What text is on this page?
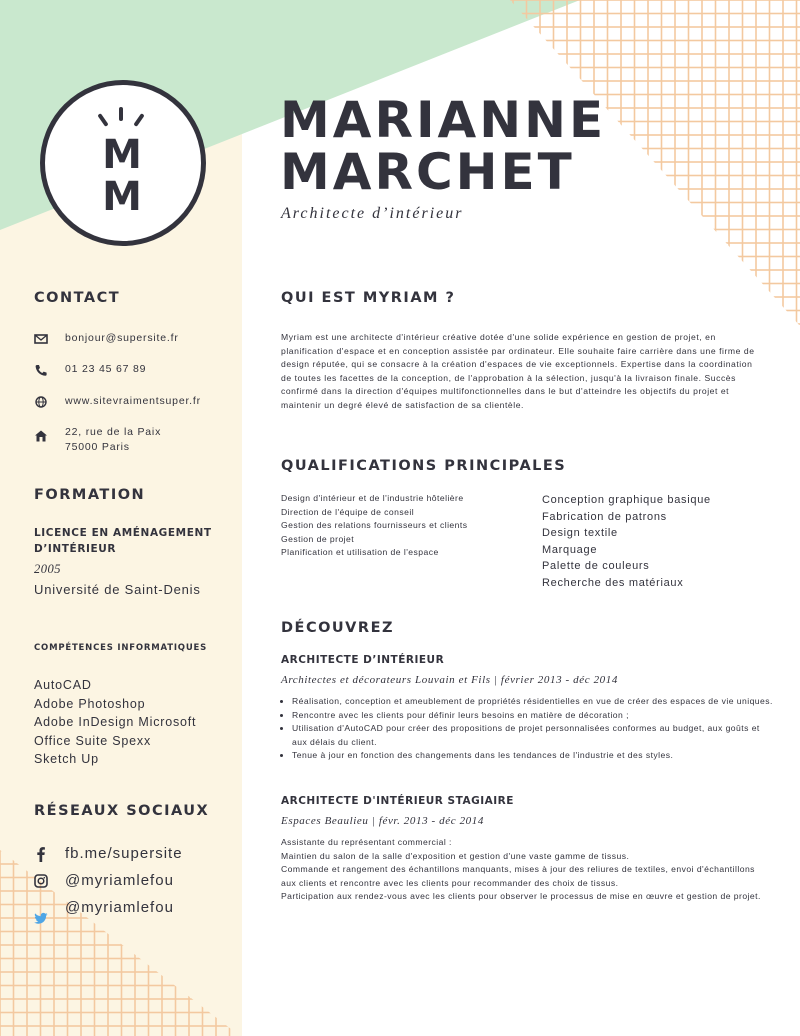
M
M
MARIANNE
MARCHET
Architecte d’intérieur
CONTACT
bonjour@supersite.fr
01 23 45 67 89
www.sitevraimentsuper.fr
22, rue de la Paix
75000 Paris
FORMATION
LICENCE EN AMÉNAGEMENT
D’INTÉRIEUR
2005
Université de Saint-Denis
COMPÉTENCES INFORMATIQUES
AutoCAD
Adobe Photoshop
Adobe InDesign Microsoft
Office Suite Spexx
Sketch Up
RÉSEAUX SOCIAUX
fb.me/supersite
@myriamlefou
@myriamlefou
QUI EST MYRIAM ?

Myriam est une architecte d'intérieur créative dotée d'une solide expérience en gestion de projet, en planification d'espace et en conception assistée par ordinateur. Elle souhaite faire carrière dans une firme de design réputée, qui se consacre à la création d'espaces de vie exceptionnels. Expertise dans la coordination de toutes les facettes de la conception, de l'approbation à la sélection, jusqu'à la livraison finale. Succès confirmé dans la direction d'équipes multifonctionnelles dans le but d'atteindre les objectifs du projet et maintenir un degré élevé de satisfaction de sa clientèle.

QUALIFICATIONS PRINCIPALES
Design d'intérieur et de l'industrie hôtelière
Direction de l'équipe de conseil
Gestion des relations fournisseurs et clients
Gestion de projet
Planification et utilisation de l'espace
Conception graphique basique
Fabrication de patrons
Design textile
Marquage
Palette de couleurs
Recherche des matériaux
DÉCOUVREZ
ARCHITECTE D’INTÉRIEUR
Architectes et décorateurs Louvain et Fils | février 2013 - déc 2014
• Réalisation, conception et ameublement de propriétés résidentielles en vue de créer des espaces de vie uniques.
• Rencontre avec les clients pour définir leurs besoins en matière de décoration ;
• Utilisation d'AutoCAD pour créer des propositions de projet personnalisées conformes au budget, aux goûts et aux délais du client.
• Tenue à jour en fonction des changements dans les tendances de l'industrie et des styles.
ARCHITECTE D'INTÉRIEUR STAGIAIRE
Espaces Beaulieu | févr. 2013 - déc 2014
Assistante du représentant commercial :
Maintien du salon de la salle d'exposition et gestion d'une vaste gamme de tissus.
Commande et rangement des échantillons manquants, mises à jour des reliures de textiles, envoi d'échantillons aux clients et rencontre avec les clients pour recommander des choix de tissus.
Participation aux rendez-vous avec les clients pour observer le processus de mise en œuvre et gestion de projet.
